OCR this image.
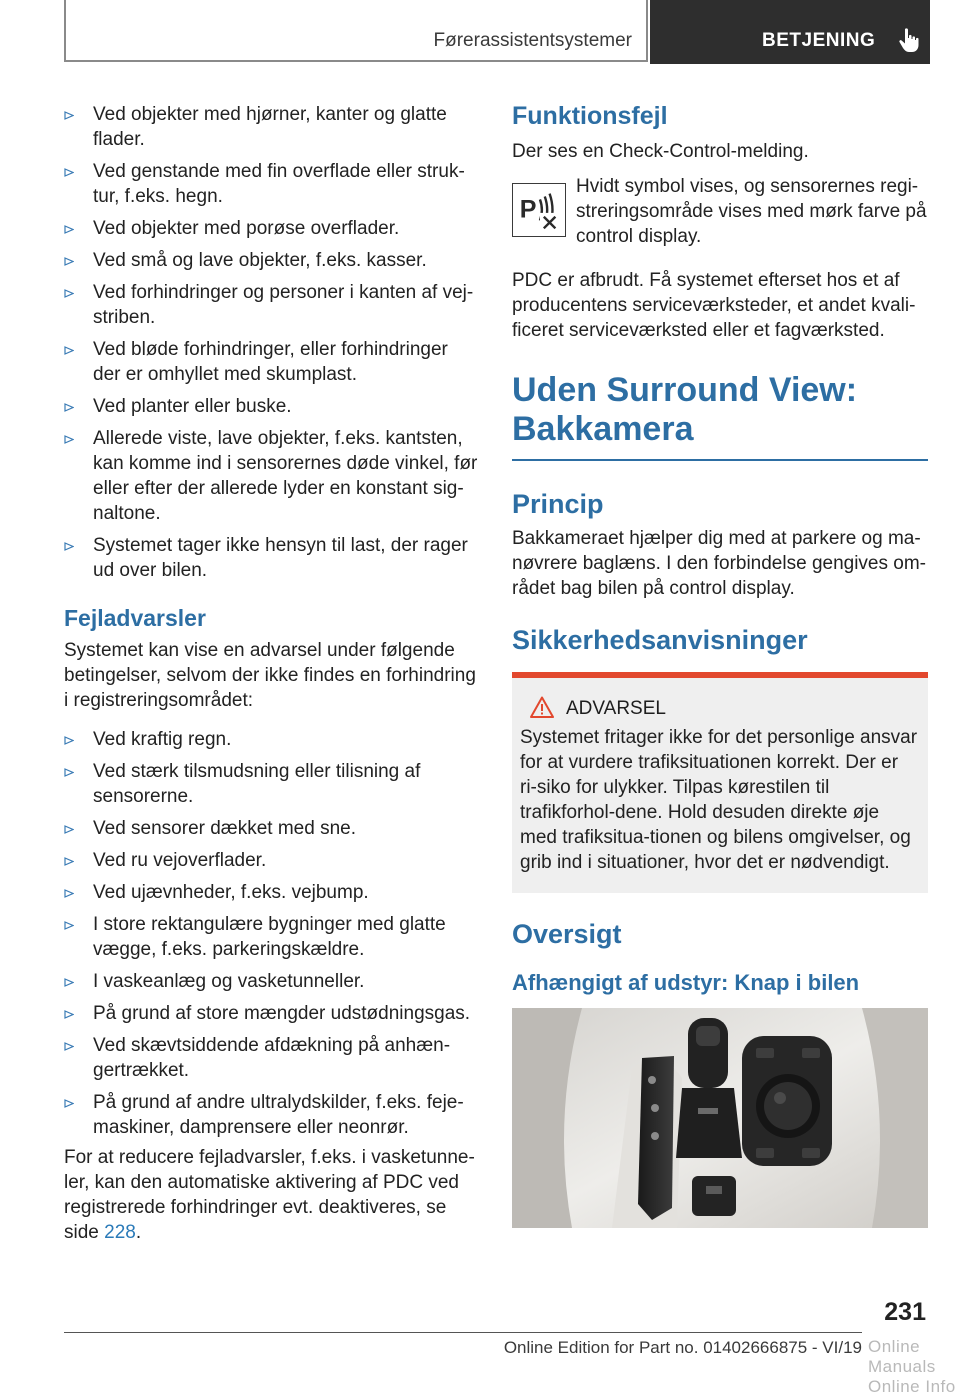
Førerassistentsystemer	BETJENING
Ved objekter med hjørner, kanter og glatte flader.
Ved genstande med fin overflade eller struk-tur, f.eks. hegn.
Ved objekter med porøse overflader.
Ved små og lave objekter, f.eks. kasser.
Ved forhindringer og personer i kanten af vej-striben.
Ved bløde forhindringer, eller forhindringer der er omhyllet med skumplast.
Ved planter eller buske.
Allerede viste, lave objekter, f.eks. kantsten, kan komme ind i sensorernes døde vinkel, før eller efter der allerede lyder en konstant sig-naltone.
Systemet tager ikke hensyn til last, der rager ud over bilen.
Fejladvarsler

Systemet kan vise en advarsel under følgende betingelser, selvom der ikke findes en forhindring i registreringsområdet:

Ved kraftig regn.
Ved stærk tilsmudsning eller tilisning af sensorerne.
Ved sensorer dækket med sne.
Ved ru vejoverflader.
Ved ujævnheder, f.eks. vejbump.
I store rektangulære bygninger med glatte vægge, f.eks. parkeringskældre.
I vaskeanlæg og vasketunneller.
På grund af store mængder udstødningsgas.
Ved skævtsiddende afdækning på anhæn-gertrækket.
På grund af andre ultralydskilder, f.eks. feje-maskiner, damprensere eller neonrør.

For at reducere fejladvarsler, f.eks. i vasketunne-ler, kan den automatiske aktivering af PDC ved registrerede forhindringer evt. deaktiveres, se side 228.

Funktionsfejl

Der ses en Check-Control-melding.

P

Hvidt symbol vises, og sensorernes regi-streringsområde vises med mørk farve på control display.

PDC er afbrudt. Få systemet efterset hos et af producentens serviceværksteder, et andet kvali-ficeret serviceværksted eller et fagværksted.

Uden Surround View:
Bakkamera
Princip

Bakkameraet hjælper dig med at parkere og ma-nøvrere baglæns. I den forbindelse gengives om-rådet bag bilen på control display.

Sikkerhedsanvisninger
ADVARSEL

Systemet fritager ikke for det personlige ansvar for at vurdere trafiksituationen korrekt. Der er ri-siko for ulykker. Tilpas kørestilen til trafikforhol-dene. Hold desuden direkte øje med trafiksitua-tionen og bilens omgivelser, og grib ind i situationer, hvor det er nødvendigt.

Oversigt
Afhængigt af udstyr: Knap i bilen
231
Online Edition for Part no. 01402666875 - VI/19 Online Manuals Online Info
